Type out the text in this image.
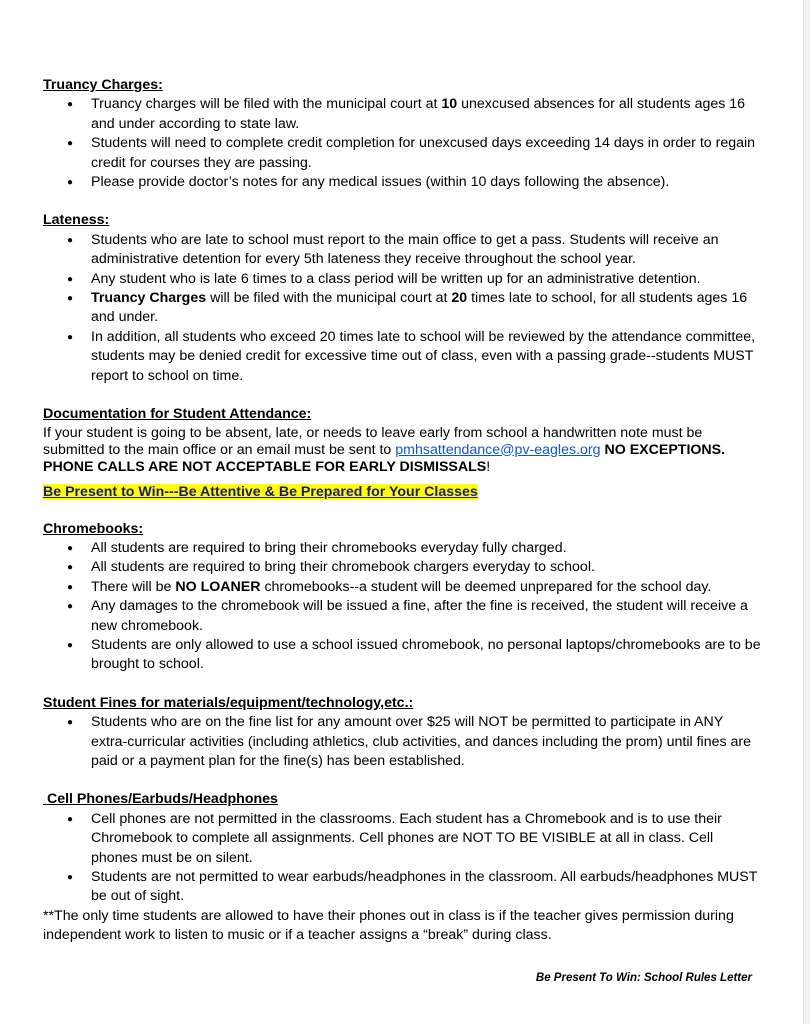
Truancy Charges:

● Truancy charges will be filed with the municipal court at 10 unexcused absences for all students ages 16 and under according to state law.
● Students will need to complete credit completion for unexcused days exceeding 14 days in order to regain credit for courses they are passing.
● Please provide doctor’s notes for any medical issues (within 10 days following the absence).

Lateness:

● Students who are late to school must report to the main office to get a pass. Students will receive an administrative detention for every 5th lateness they receive throughout the school year.
● Any student who is late 6 times to a class period will be written up for an administrative detention.
● Truancy Charges will be filed with the municipal court at 20 times late to school, for all students ages 16 and under.
● In addition, all students who exceed 20 times late to school will be reviewed by the attendance committee, students may be denied credit for excessive time out of class, even with a passing grade--students MUST report to school on time.

Documentation for Student Attendance:

If your student is going to be absent, late, or needs to leave early from school a handwritten note must be submitted to the main office or an email must be sent to pmhsattendance@pv-eagles.org NO EXCEPTIONS. PHONE CALLS ARE NOT ACCEPTABLE FOR EARLY DISMISSALS!

Be Present to Win---Be Attentive & Be Prepared for Your Classes

Chromebooks:

● All students are required to bring their chromebooks everyday fully charged.
● All students are required to bring their chromebook chargers everyday to school.
● There will be NO LOANER chromebooks--a student will be deemed unprepared for the school day.
● Any damages to the chromebook will be issued a fine, after the fine is received, the student will receive a new chromebook.
● Students are only allowed to use a school issued chromebook, no personal laptops/chromebooks are to be brought to school.

Student Fines for materials/equipment/technology,etc.:

● Students who are on the fine list for any amount over $25 will NOT be permitted to participate in ANY extra-curricular activities (including athletics, club activities, and dances including the prom) until fines are paid or a payment plan for the fine(s) has been established.

Cell Phones/Earbuds/Headphones

● Cell phones are not permitted in the classrooms. Each student has a Chromebook and is to use their Chromebook to complete all assignments. Cell phones are NOT TO BE VISIBLE at all in class. Cell phones must be on silent.
● Students are not permitted to wear earbuds/headphones in the classroom. All earbuds/headphones MUST be out of sight.

**The only time students are allowed to have their phones out in class is if the teacher gives permission during independent work to listen to music or if a teacher assigns a “break” during class.

Be Present To Win: School Rules Letter
